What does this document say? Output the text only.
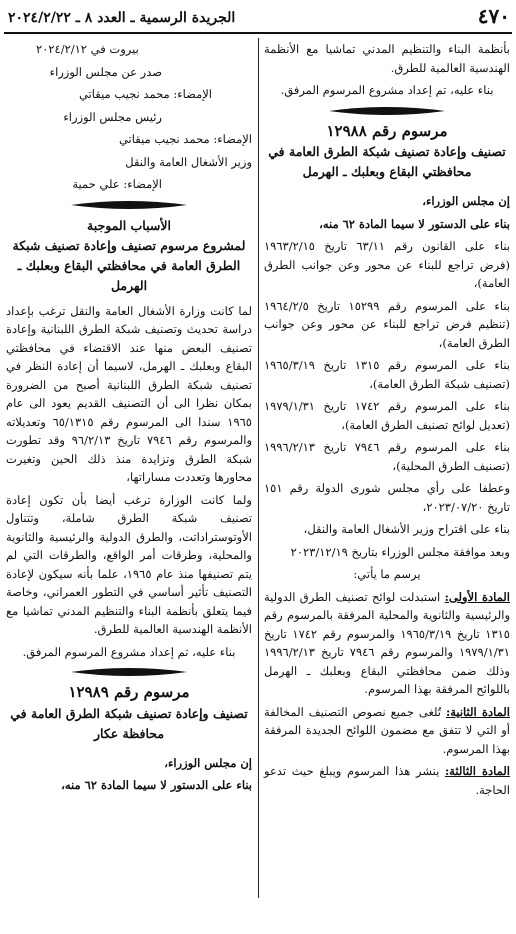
٤٧٠
الجريدة الرسمية ـ العدد ٨ ـ ٢٠٢٤/٢/٢٢

بأنظمة البناء والتنظيم المدني تماشيا مع الأنظمة الهندسية العالمية للطرق.

بناء عليه، تم إعداد مشروع المرسوم المرفق.

مرسوم رقم ١٢٩٨٨
تصنيف وإعادة تصنيف شبكة الطرق العامة في محافظتي البقاع وبعلبك ـ الهرمل

إن مجلس الوزراء،

بناء على الدستور لا سيما المادة ٦٢ منه،

بناء على القانون رقم ٦٣/١١ تاريخ ١٩٦٣/٢/١٥ (فرض تراجع للبناء عن محور وعن جوانب الطرق العامة)،

بناء على المرسوم رقم ١٥٢٩٩ تاريخ ١٩٦٤/٢/٥ (تنظيم فرض تراجع للبناء عن محور وعن جوانب الطرق العامة)،

بناء على المرسوم رقم ١٣١٥ تاريخ ١٩٦٥/٣/١٩ (تصنيف شبكة الطرق العامة)،

بناء على المرسوم رقم ١٧٤٢ تاريخ ١٩٧٩/١/٣١ (تعديل لوائح تصنيف الطرق العامة)،

بناء على المرسوم رقم ٧٩٤٦ تاريخ ١٩٩٦/٢/١٣ (تصنيف الطرق المحلية)،

وعطفا على رأي مجلس شورى الدولة رقم ١٥١ تاريخ ٢٠٢٣/٠٧/٢٠،

بناء على اقتراح وزير الأشغال العامة والنقل،

وبعد موافقة مجلس الوزراء بتاريخ ٢٠٢٣/١٢/١٩

يرسم ما يأتي:

المادة الأولى: استبدلت لوائح تصنيف الطرق الدولية والرئيسية والثانوية والمحلية المرفقة بالمرسوم رقم ١٣١٥ تاريخ ١٩٦٥/٣/١٩ والمرسوم رقم ١٧٤٢ تاريخ ١٩٧٩/١/٣١ والمرسوم رقم ٧٩٤٦ تاريخ ١٩٩٦/٢/١٣ وذلك ضمن محافظتي البقاع وبعلبك ـ الهرمل باللوائح المرفقة بهذا المرسوم.

المادة الثانية: تُلغى جميع نصوص التصنيف المخالفة أو التي لا تتفق مع مضمون اللوائح الجديدة المرفقة بهذا المرسوم.

المادة الثالثة: ينشر هذا المرسوم ويبلغ حيث تدعو الحاجة.

بيروت في ٢٠٢٤/٢/١٢

صدر عن مجلس الوزراء

الإمضاء: محمد نجيب ميقاتي

رئيس مجلس الوزراء

الإمضاء: محمد نجيب ميقاتي

وزير الأشغال العامة والنقل

الإمضاء: علي حمية

الأسباب الموجبة
لمشروع مرسوم تصنيف وإعادة تصنيف شبكة الطرق العامة في محافظتي البقاع وبعلبك ـ الهرمل

لما كانت وزارة الأشغال العامة والنقل ترغب بإعداد دراسة تحديث وتصنيف شبكة الطرق اللبنانية وإعادة تصنيف البعض منها عند الاقتضاء في محافظتي البقاع وبعلبك ـ الهرمل، لاسيما أن إعادة النظر في تصنيف شبكة الطرق اللبنانية أصبح من الضرورة بمكان نظرا الى أن التصنيف القديم يعود الى عام ١٩٦٥ سندا الى المرسوم رقم ٦٥/١٣١٥ وتعديلاته والمرسوم رقم ٧٩٤٦ تاريخ ٩٦/٢/١٣ وقد تطورت شبكة الطرق وتزايدة منذ ذلك الحين وتغيرت محاورها وتعددت مساراتها،

ولما كانت الوزارة ترغب أيضا بأن تكون إعادة تصنيف شبكة الطرق شاملة، وتتناول الأوتوستراداتت، والطرق الدولية والرئيسية والثانوية والمحلية، وطرقات أمر الواقع، والطرقات التي لم يتم تصنيفها منذ عام ١٩٦٥، علما بأنه سيكون لإعادة التصنيف تأثير أساسي في التطور العمراني، وخاصة فيما يتعلق بأنظمة البناء والتنظيم المدني تماشيا مع الأنظمة الهندسية العالمية للطرق.

بناء عليه، تم إعداد مشروع المرسوم المرفق.

مرسوم رقم ١٢٩٨٩
تصنيف وإعادة تصنيف شبكة الطرق العامة في محافظة عكار

إن مجلس الوزراء،

بناء على الدستور لا سيما المادة ٦٢ منه،
